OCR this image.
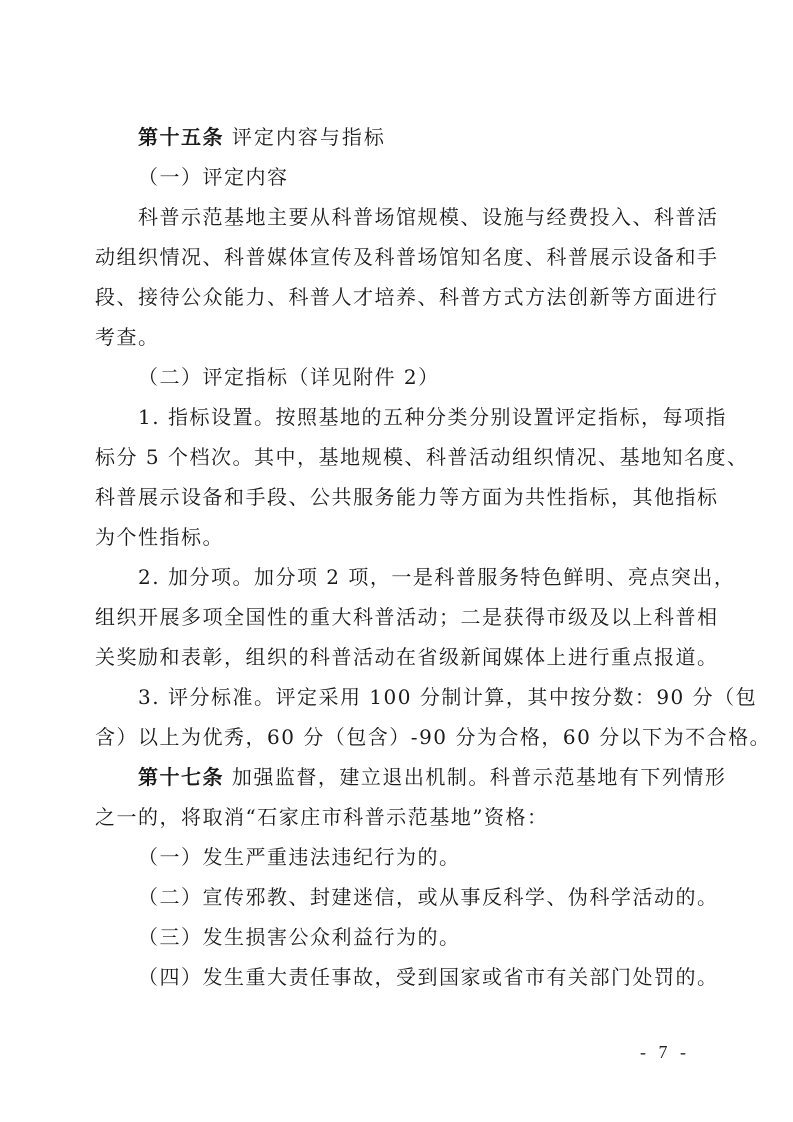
第十五条 评定内容与指标
（一）评定内容
科普示范基地主要从科普场馆规模、设施与经费投入、科普活
动组织情况、科普媒体宣传及科普场馆知名度、科普展示设备和手
段、接待公众能力、科普人才培养、科普方式方法创新等方面进行
考查。
（二）评定指标（详见附件 2）
1. 指标设置。按照基地的五种分类分别设置评定指标，每项指
标分 5 个档次。其中，基地规模、科普活动组织情况、基地知名度、
科普展示设备和手段、公共服务能力等方面为共性指标，其他指标
为个性指标。
2. 加分项。加分项 2 项，一是科普服务特色鲜明、亮点突出，
组织开展多项全国性的重大科普活动；二是获得市级及以上科普相
关奖励和表彰，组织的科普活动在省级新闻媒体上进行重点报道。
3. 评分标准。评定采用 100 分制计算，其中按分数：90 分（包
含）以上为优秀，60 分（包含）-90 分为合格，60 分以下为不合格。
第十七条 加强监督，建立退出机制。科普示范基地有下列情形
之一的，将取消“石家庄市科普示范基地”资格：
（一）发生严重违法违纪行为的。
（二）宣传邪教、封建迷信，或从事反科学、伪科学活动的。
（三）发生损害公众利益行为的。
（四）发生重大责任事故，受到国家或省市有关部门处罚的。
- 7 -
